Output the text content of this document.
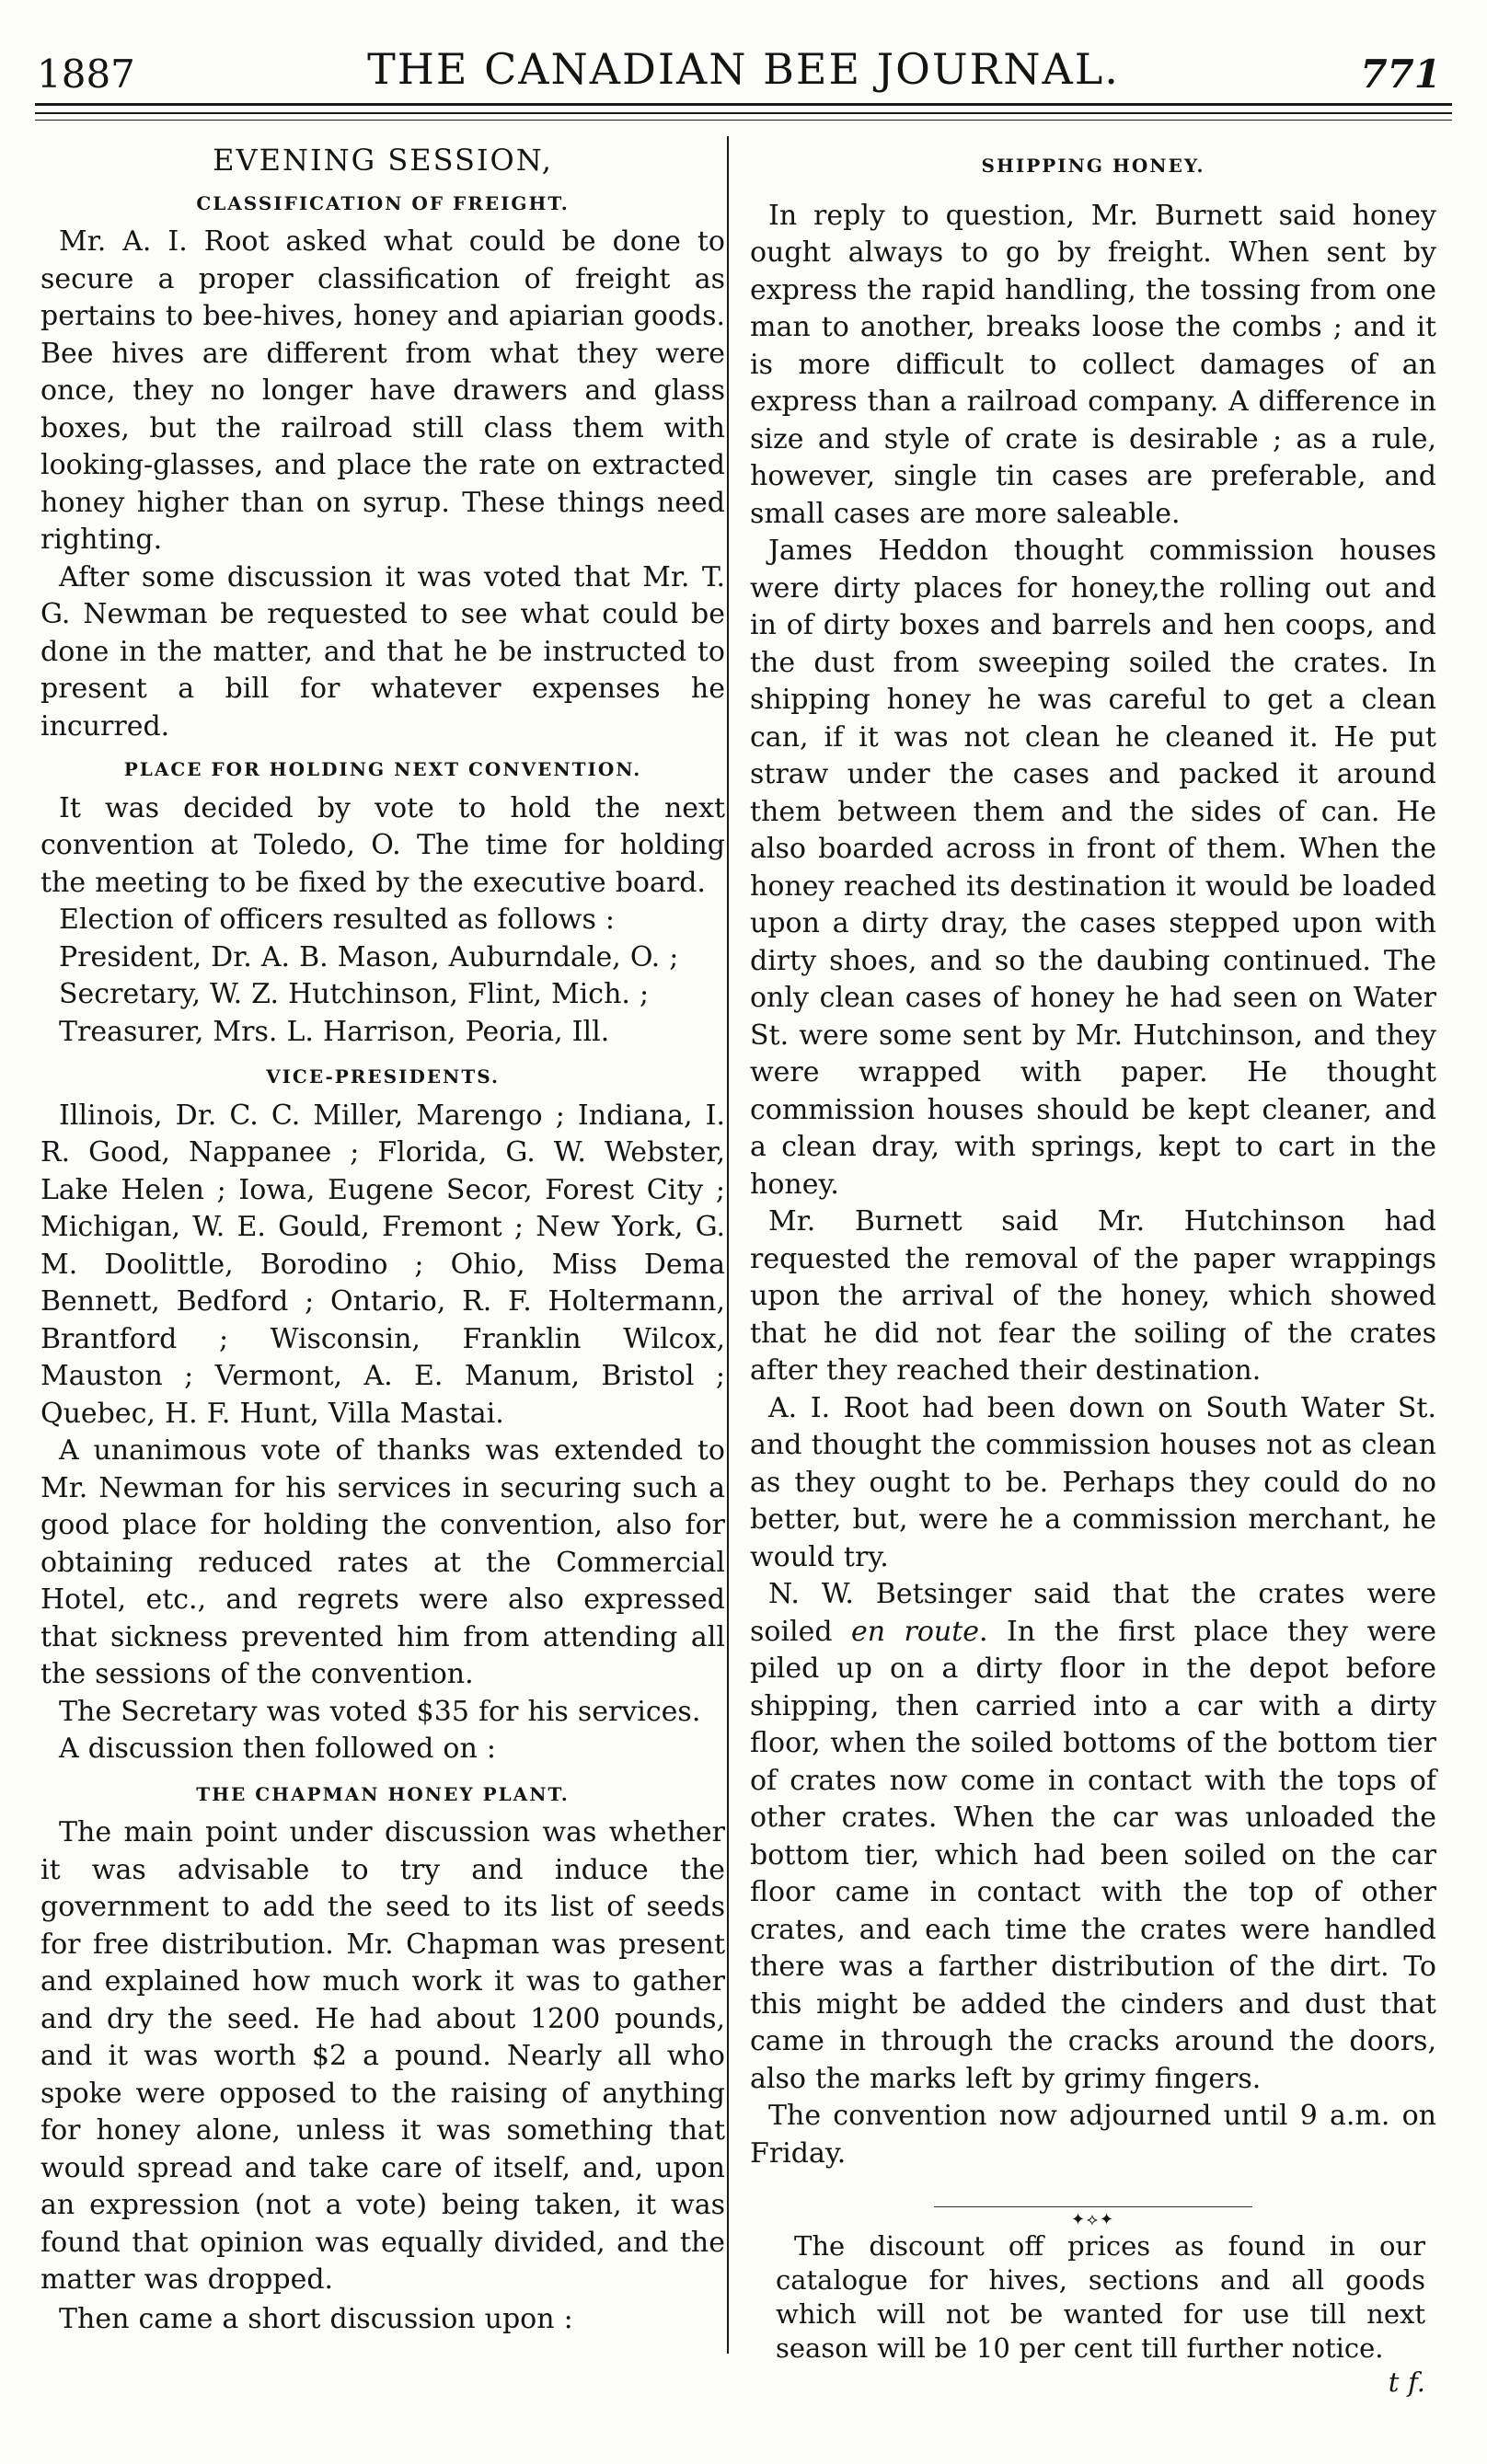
1887	THE CANADIAN BEE JOURNAL.	771
EVENING SESSION,
CLASSIFICATION OF FREIGHT.

Mr. A. I. Root asked what could be done to secure a proper classification of freight as pertains to bee-hives, honey and apiarian goods. Bee hives are different from what they were once, they no longer have drawers and glass boxes, but the railroad still class them with looking-glasses, and place the rate on extracted honey higher than on syrup. These things need righting.

After some discussion it was voted that Mr. T. G. Newman be requested to see what could be done in the matter, and that he be instructed to present a bill for whatever expenses he incurred.

PLACE FOR HOLDING NEXT CONVENTION.

It was decided by vote to hold the next convention at Toledo, O. The time for holding the meeting to be fixed by the executive board.

Election of officers resulted as follows :

President, Dr. A. B. Mason, Auburndale, O. ;

Secretary, W. Z. Hutchinson, Flint, Mich. ;

Treasurer, Mrs. L. Harrison, Peoria, Ill.

VICE-PRESIDENTS.

Illinois, Dr. C. C. Miller, Marengo ; Indiana, I. R. Good, Nappanee ; Florida, G. W. Webster, Lake Helen ; Iowa, Eugene Secor, Forest City ; Michigan, W. E. Gould, Fremont ; New York, G. M. Doolittle, Borodino ; Ohio, Miss Dema Bennett, Bedford ; Ontario, R. F. Holtermann, Brantford ; Wisconsin, Franklin Wilcox, Mauston ; Vermont, A. E. Manum, Bristol ; Quebec, H. F. Hunt, Villa Mastai.

A unanimous vote of thanks was extended to Mr. Newman for his services in securing such a good place for holding the convention, also for obtaining reduced rates at the Commercial Hotel, etc., and regrets were also expressed that sickness prevented him from attending all the sessions of the convention.

The Secretary was voted $35 for his services.

A discussion then followed on :

THE CHAPMAN HONEY PLANT.

The main point under discussion was whether it was advisable to try and induce the government to add the seed to its list of seeds for free distribution. Mr. Chapman was present and explained how much work it was to gather and dry the seed. He had about 1200 pounds, and it was worth $2 a pound. Nearly all who spoke were opposed to the raising of anything for honey alone, unless it was something that would spread and take care of itself, and, upon an expression (not a vote) being taken, it was found that opinion was equally divided, and the matter was dropped.

Then came a short discussion upon :

SHIPPING HONEY.

In reply to question, Mr. Burnett said honey ought always to go by freight. When sent by express the rapid handling, the tossing from one man to another, breaks loose the combs ; and it is more difficult to collect damages of an express than a railroad company. A difference in size and style of crate is desirable ; as a rule, however, single tin cases are preferable, and small cases are more saleable.

James Heddon thought commission houses were dirty places for honey,the rolling out and in of dirty boxes and barrels and hen coops, and the dust from sweeping soiled the crates. In shipping honey he was careful to get a clean can, if it was not clean he cleaned it. He put straw under the cases and packed it around them between them and the sides of can. He also boarded across in front of them. When the honey reached its destination it would be loaded upon a dirty dray, the cases stepped upon with dirty shoes, and so the daubing continued. The only clean cases of honey he had seen on Water St. were some sent by Mr. Hutchinson, and they were wrapped with paper. He thought commission houses should be kept cleaner, and a clean dray, with springs, kept to cart in the honey.

Mr. Burnett said Mr. Hutchinson had requested the removal of the paper wrappings upon the arrival of the honey, which showed that he did not fear the soiling of the crates after they reached their destination.

A. I. Root had been down on South Water St. and thought the commission houses not as clean as they ought to be. Perhaps they could do no better, but, were he a commission merchant, he would try.

N. W. Betsinger said that the crates were soiled en route. In the first place they were piled up on a dirty floor in the depot before shipping, then carried into a car with a dirty floor, when the soiled bottoms of the bottom tier of crates now come in contact with the tops of other crates. When the car was unloaded the bottom tier, which had been soiled on the car floor came in contact with the top of other crates, and each time the crates were handled there was a farther distribution of the dirt. To this might be added the cinders and dust that came in through the cracks around the doors, also the marks left by grimy fingers.

The convention now adjourned until 9 a.m. on Friday.

✦⟡✦

The discount off prices as found in our catalogue for hives, sections and all goods which will not be wanted for use till next season will be 10 per cent till further notice.
t f.
